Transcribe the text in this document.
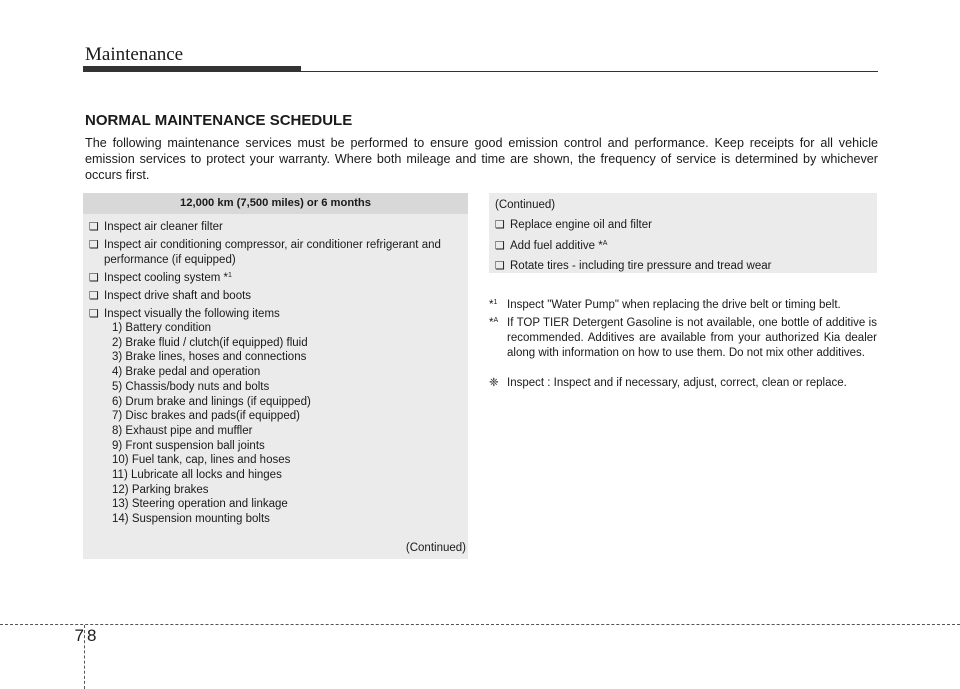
Maintenance
NORMAL MAINTENANCE SCHEDULE

The following maintenance services must be performed to ensure good emission control and performance. Keep receipts for all vehicle emission services to protect your warranty. Where both mileage and time are shown, the frequency of service is determined by whichever occurs first.

12,000 km (7,500 miles) or 6 months
❑ Inspect air cleaner filter
❑ Inspect air conditioning compressor, air conditioner refrigerant and performance (if equipped)
❑ Inspect cooling system *$^1$
❑ Inspect drive shaft and boots
❑ Inspect visually the following items
1) Battery condition
2) Brake fluid / clutch(if equipped) fluid
3) Brake lines, hoses and connections
4) Brake pedal and operation
5) Chassis/body nuts and bolts
6) Drum brake and linings (if equipped)
7) Disc brakes and pads(if equipped)
8) Exhaust pipe and muffler
9) Front suspension ball joints
10) Fuel tank, cap, lines and hoses
11) Lubricate all locks and hinges
12) Parking brakes
13) Steering operation and linkage
14) Suspension mounting bolts
(Continued)
(Continued)
❑ Replace engine oil and filter
❑ Add fuel additive *$^A$
❑ Rotate tires - including tire pressure and tread wear

*$^1$ Inspect "Water Pump" when replacing the drive belt or timing belt.

*$^A$ If TOP TIER Detergent Gasoline is not available, one bottle of additive is recommended. Additives are available from your authorized Kia dealer along with information on how to use them. Do not mix other additives.

❈ Inspect : Inspect and if necessary, adjust, correct, clean or replace.

78
